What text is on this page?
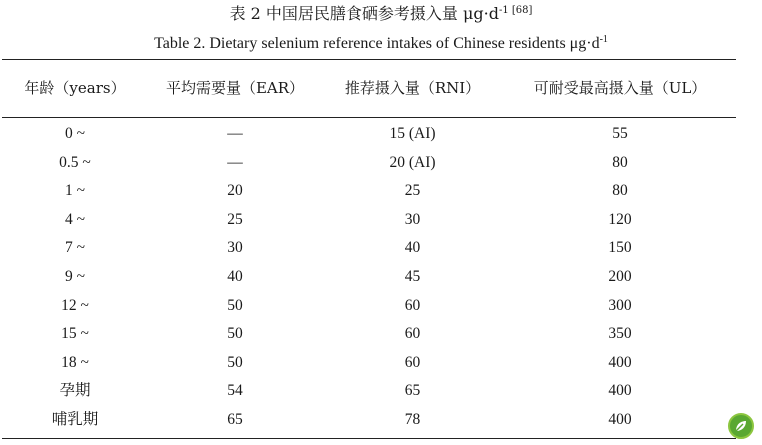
表 2 中国居民膳食硒参考摄入量 $\mu g\cdot d^{-1 [68]}$
Table 2. Dietary selenium reference intakes of Chinese residents $\mu g\cdot d^{-1}$
年龄（years）	平均需要量（EAR）	推荐摄入量（RNI）	可耐受最高摄入量（UL）
0 ~	—	15 (AI)	55
0.5 ~	—	20 (AI)	80
1 ~	20	25	80
4 ~	25	30	120
7 ~	30	40	150
9 ~	40	45	200
12 ~	50	60	300
15 ~	50	60	350
18 ~	50	60	400
孕期	54	65	400
哺乳期	65	78	400
